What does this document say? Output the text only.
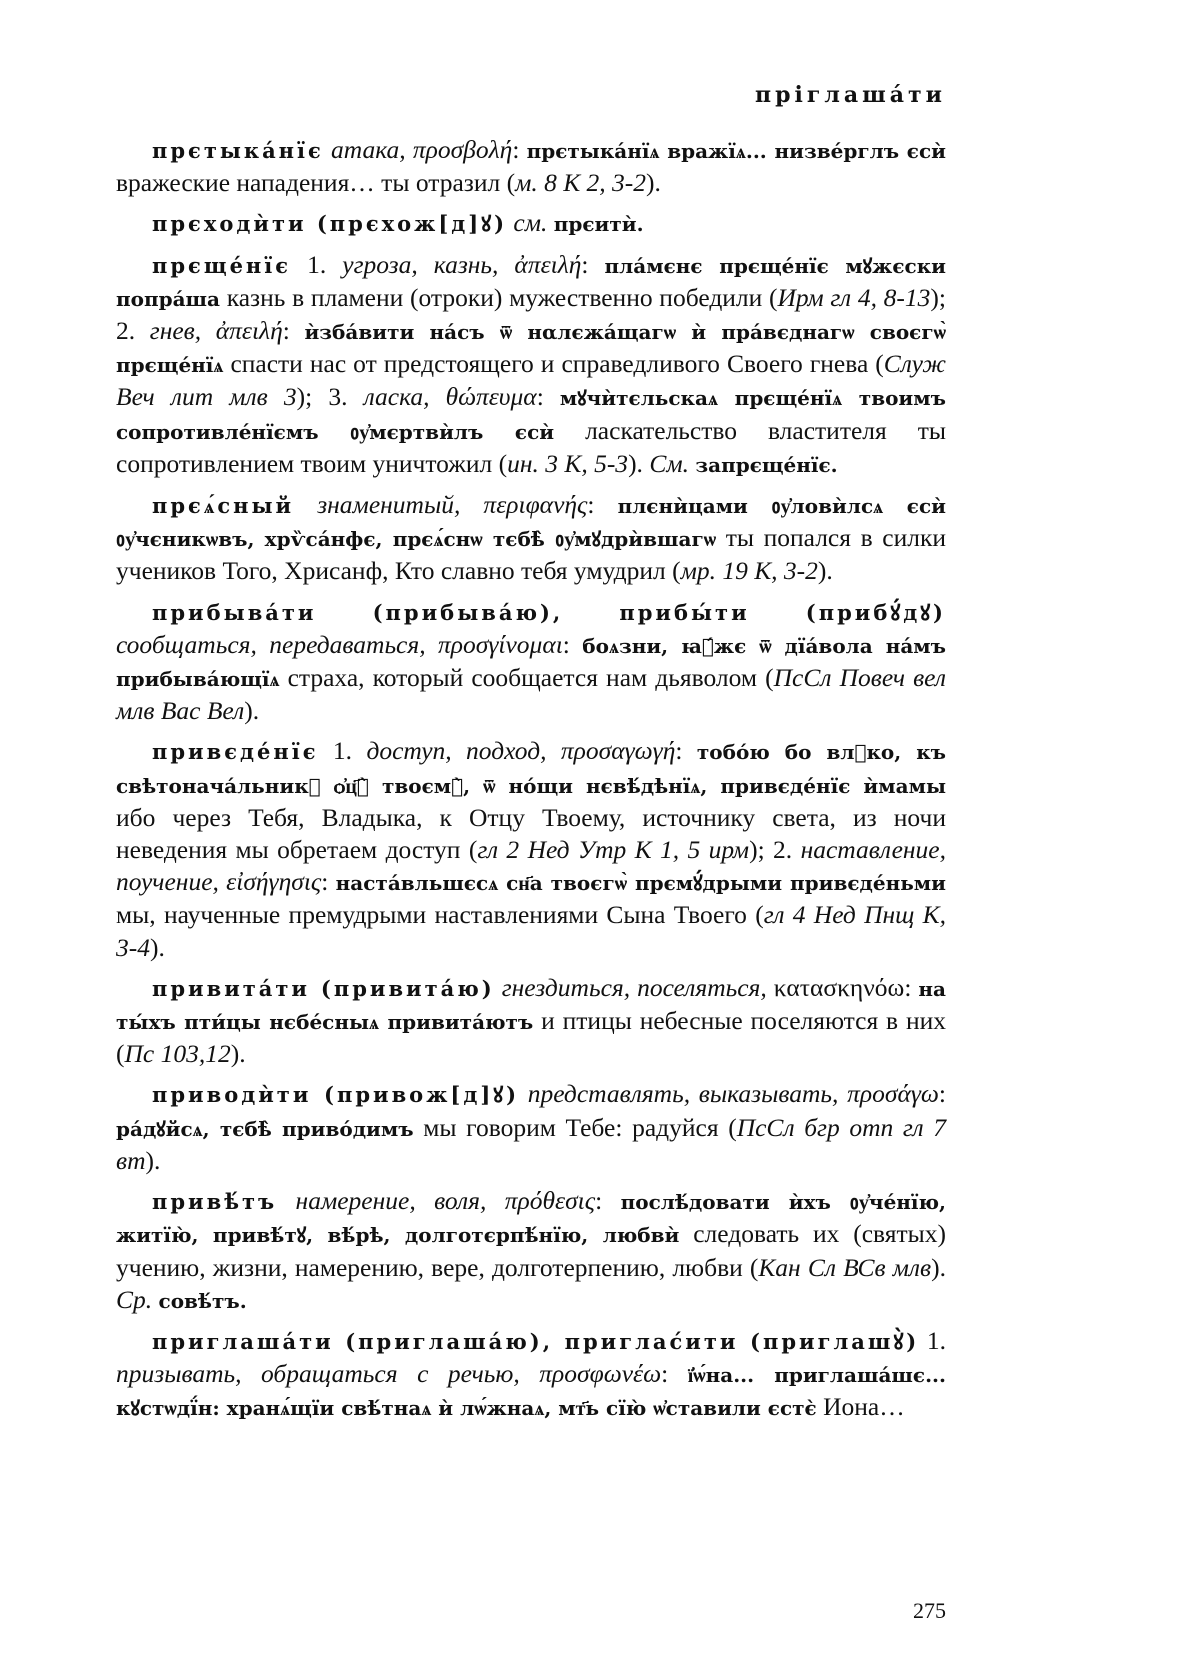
прiглашáти

прєтыкáнїє атака, προσβολή: прєтыкáнїѧ вражїѧ... низвéрглъ єсѝ вражеские нападения… ты отразил (м. 8 К 2, 3-2).

прєходѝти (прєхож[д]ꙋ) см. прєитѝ.

прєщéнїє 1. угроза, казнь, ἀπειλή: плáмєнє прєщéнїє мꙋжєски попрáша казнь в пламени (отроки) мужественно победили (Ирм гл 4, 8-13); 2. гнев, ἀπειλή: ѝзбáвити нáсъ ѿ нαлєжáщагѡ ѝ прáвєднагѡ своєгѡ̀ прєщéнїѧ спасти нас от предстоящего и справедливого Своего гнева (Служ Веч лит млв 3); 3. ласка, θώπευμα: мꙋчѝтєльскаѧ прєщéнїѧ твоимъ сопротивлéнїємъ ᲂу҆мєртвѝлъ єсѝ ласкательство властителя ты сопротивлением твоим уничтожил (ин. 3 К, 5-3). См. запрєщéнїє.

прєѧ́сный знаменитый, περιφανής: плєнѝцами ᲂу҆ловѝлсѧ єсѝ ᲂу҆чєникѡвъ, хрѷсáнфє, прєѧ́снѡ тєбѣ̀ ᲂу҆мꙋдрѝвшагѡ ты попался в силки учеников Того, Хрисанф, Кто славно тебя умудрил (мр. 19 К, 3-2).

прибывáти (прибывáю), прибы́ти (прибꙋ́дꙋ) сообщаться, передаваться, προσγίνομαι: боѧзни, ꙗ҆́жє ѿ дїáвола нáмъ прибывáющїѧ страха, который сообщается нам дьяволом (ПсСл Повеч вел млв Вас Вел).

привєдéнїє 1. доступ, подход, προσαγωγή: тобо́ю бо влⷣко, къ свѣтонача́льникꙋ ѻ҆ц҃ꙋ̀ твоємꙋ̀, ѿ но́щи нєвѣ́дѣнїѧ, привєдéнїє ѝмамы ибо через Тебя, Владыка, к Отцу Твоему, источнику света, из ночи неведения мы обретаем доступ (гл 2 Нед Утр К 1, 5 ирм); 2. наставление, поучение, εἰσήγησις: настáвльшєсѧ сн҃а твоєгѡ̀ прємꙋ́дрыми привєдéньми мы, наученные премудрыми наставлениями Сына Твоего (гл 4 Нед Пнщ К, 3-4).

привитáти (привитáю) гнездиться, поселяться, κατασκηνόω: на ты́хъ пти́цы нєбéсныѧ привитáютъ и птицы небесные поселяются в них (Пс 103,12).

приводѝти (привож[д]ꙋ) представлять, выказывать, προσάγω: рáдꙋйсѧ, тєбѣ̀ привóдимъ мы говорим Тебе: радуйся (ПсСл бгр отп гл 7 вт).

привѣ́тъ намерение, воля, πρόθεσις: послѣ́довати ѝхъ ᲂу҆чéнїю, житїю̀, привѣ́тꙋ, вѣ́рѣ, долготєрпѣ́нїю, любвѝ следовать их (святых) учению, жизни, намерению, вере, долготерпению, любви (Кан Сл ВСв млв). Ср. совѣ́тъ.

приглашáти (приглашáю), приглас́ити (приглашꙋ̀) 1. призывать, обращаться с речью, προσφωνέω: ї҆ѡ́на... приглашáшє... кꙋстѡдї́н: хранѧ́щїи свѣ́тнаѧ ѝ лѡ́жнаѧ, мт҃ь сїю̀ ѡ҆ставили єстє̀ Иона…

275
